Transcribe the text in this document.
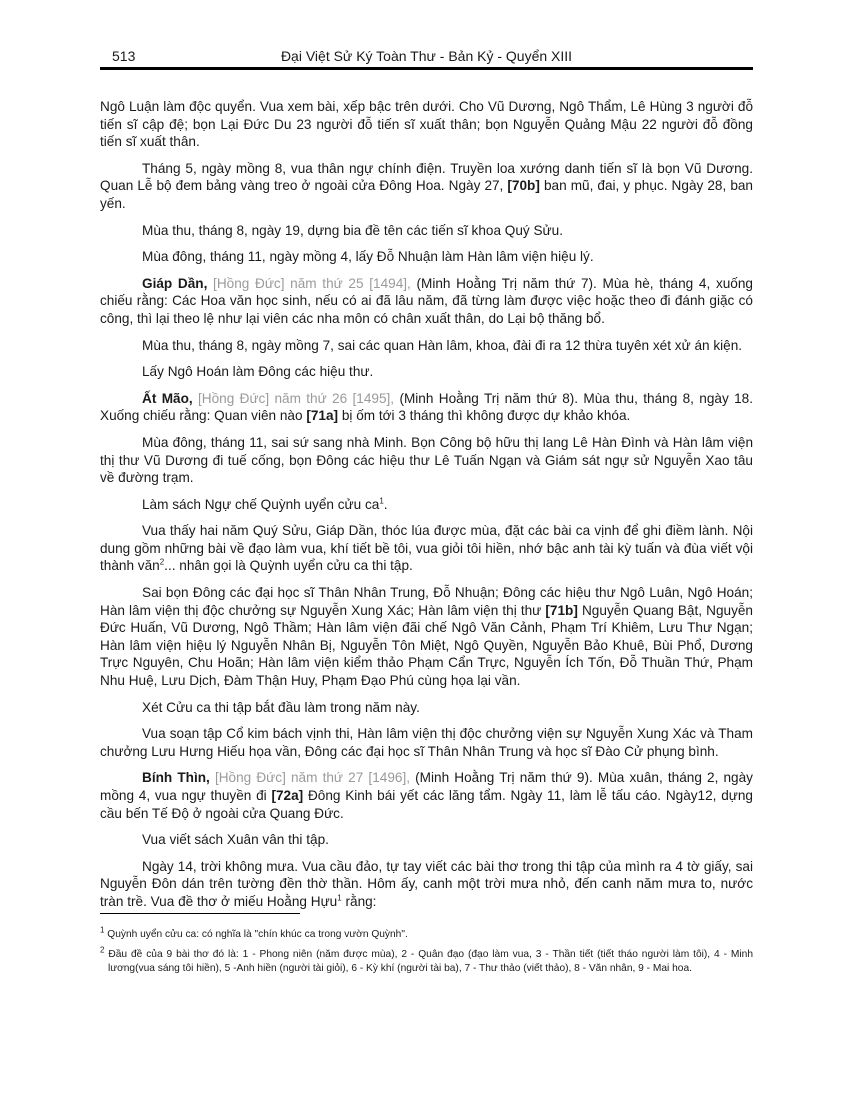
513	Đại Việt Sử Ký Toàn Thư - Bản Kỷ - Quyển XIII

Ngô Luận làm độc quyển. Vua xem bài, xếp bậc trên dưới. Cho Vũ Dương, Ngô Thẩm, Lê Hùng 3 người đỗ tiến sĩ cập đệ; bọn Lại Đức Du 23 người đỗ tiến sĩ xuất thân; bọn Nguyễn Quảng Mậu 22 người đỗ đồng tiến sĩ xuất thân.

Tháng 5, ngày mồng 8, vua thân ngự chính điện. Truyền loa xướng danh tiến sĩ là bọn Vũ Dương. Quan Lễ bộ đem bảng vàng treo ở ngoài cửa Đông Hoa. Ngày 27, [70b] ban mũ, đai, y phục. Ngày 28, ban yến.

Mùa thu, tháng 8, ngày 19, dựng bia đề tên các tiến sĩ khoa Quý Sửu.

Mùa đông, tháng 11, ngày mồng 4, lấy Đỗ Nhuận làm Hàn lâm viện hiệu lý.

Giáp Dần, [Hồng Đức] năm thứ 25 [1494], (Minh Hoằng Trị năm thứ 7). Mùa hè, tháng 4, xuống chiếu rằng: Các Hoa văn học sinh, nếu có ai đã lâu năm, đã từng làm được việc hoặc theo đi đánh giặc có công, thì lại theo lệ như lại viên các nha môn có chân xuất thân, do Lại bộ thăng bổ.

Mùa thu, tháng 8, ngày mồng 7, sai các quan Hàn lâm, khoa, đài đi ra 12 thừa tuyên xét xử án kiện.

Lấy Ngô Hoán làm Đông các hiệu thư.

Ất Mão, [Hồng Đức] năm thứ 26 [1495], (Minh Hoằng Trị năm thứ 8). Mùa thu, tháng 8, ngày 18. Xuống chiếu rằng: Quan viên nào [71a] bị ốm tới 3 tháng thì không được dự khảo khóa.

Mùa đông, tháng 11, sai sứ sang nhà Minh. Bọn Công bộ hữu thị lang Lê Hàn Đình và Hàn lâm viện thị thư Vũ Dương đi tuế cống, bọn Đông các hiệu thư Lê Tuấn Ngạn và Giám sát ngự sử Nguyễn Xao tâu về đường trạm.

Làm sách Ngự chế Quỳnh uyển cửu $ca^1$.

Vua thấy hai năm Quý Sửu, Giáp Dần, thóc lúa được mùa, đặt các bài ca vịnh để ghi điềm lành. Nội dung gồm những bài về đạo làm vua, khí tiết bề tôi, vua giỏi tôi hiền, nhớ bậc anh tài kỳ tuấn và đùa viết vội thành văn$^2$... nhân gọi là Quỳnh uyển cửu ca thi tập.

Sai bọn Đông các đại học sĩ Thân Nhân Trung, Đỗ Nhuận; Đông các hiệu thư Ngô Luân, Ngô Hoán; Hàn lâm viện thị độc chưởng sự Nguyễn Xung Xác; Hàn lâm viện thị thư [71b] Nguyễn Quang Bật, Nguyễn Đức Huấn, Vũ Dương, Ngô Thầm; Hàn lâm viện đãi chế Ngô Văn Cảnh, Phạm Trí Khiêm, Lưu Thư Ngạn; Hàn lâm viện hiệu lý Nguyễn Nhân Bị, Nguyễn Tôn Miệt, Ngô Quyền, Nguyễn Bảo Khuê, Bùi Phổ, Dương Trực Nguyên, Chu Hoãn; Hàn lâm viện kiểm thảo Phạm Cẩn Trực, Nguyễn Ích Tốn, Đỗ Thuần Thứ, Phạm Nhu Huệ, Lưu Dịch, Đàm Thận Huy, Phạm Đạo Phú cùng họa lại vần.

Xét Cửu ca thi tập bắt đầu làm trong năm này.

Vua soạn tập Cổ kim bách vịnh thi, Hàn lâm viện thị độc chưởng viện sự Nguyễn Xung Xác và Tham chưởng Lưu Hưng Hiếu họa vần, Đông các đại học sĩ Thân Nhân Trung và học sĩ Đào Cử phụng bình.

Bính Thìn, [Hồng Đức] năm thứ 27 [1496], (Minh Hoằng Trị năm thứ 9). Mùa xuân, tháng 2, ngày mồng 4, vua ngự thuyền đi [72a] Đông Kinh bái yết các lăng tẩm. Ngày 11, làm lễ tấu cáo. Ngày12, dựng cầu bến Tế Độ ở ngoài cửa Quang Đức.

Vua viết sách Xuân vân thi tập.

Ngày 14, trời không mưa. Vua cầu đảo, tự tay viết các bài thơ trong thi tập của mình ra 4 tờ giấy, sai Nguyễn Đôn dán trên tường đền thờ thần. Hôm ấy, canh một trời mưa nhỏ, đến canh năm mưa to, nước tràn trề. Vua đề thơ ở miếu Hoằng Hựu$^1$ rằng:

$^1$ Quỳnh uyển cửu ca: có nghĩa là "chín khúc ca trong vườn Quỳnh".

$^2$ Đầu đề của 9 bài thơ đó là: 1 - Phong niên (năm được mùa), 2 - Quân đạo (đạo làm vua, 3 - Thần tiết (tiết tháo người làm tôi), 4 - Minh lương(vua sáng tôi hiền), 5 -Anh hiền (người tài giỏi), 6 - Kỳ khí (người tài ba), 7 - Thư thảo (viết thảo), 8 - Văn nhân, 9 - Mai hoa.
